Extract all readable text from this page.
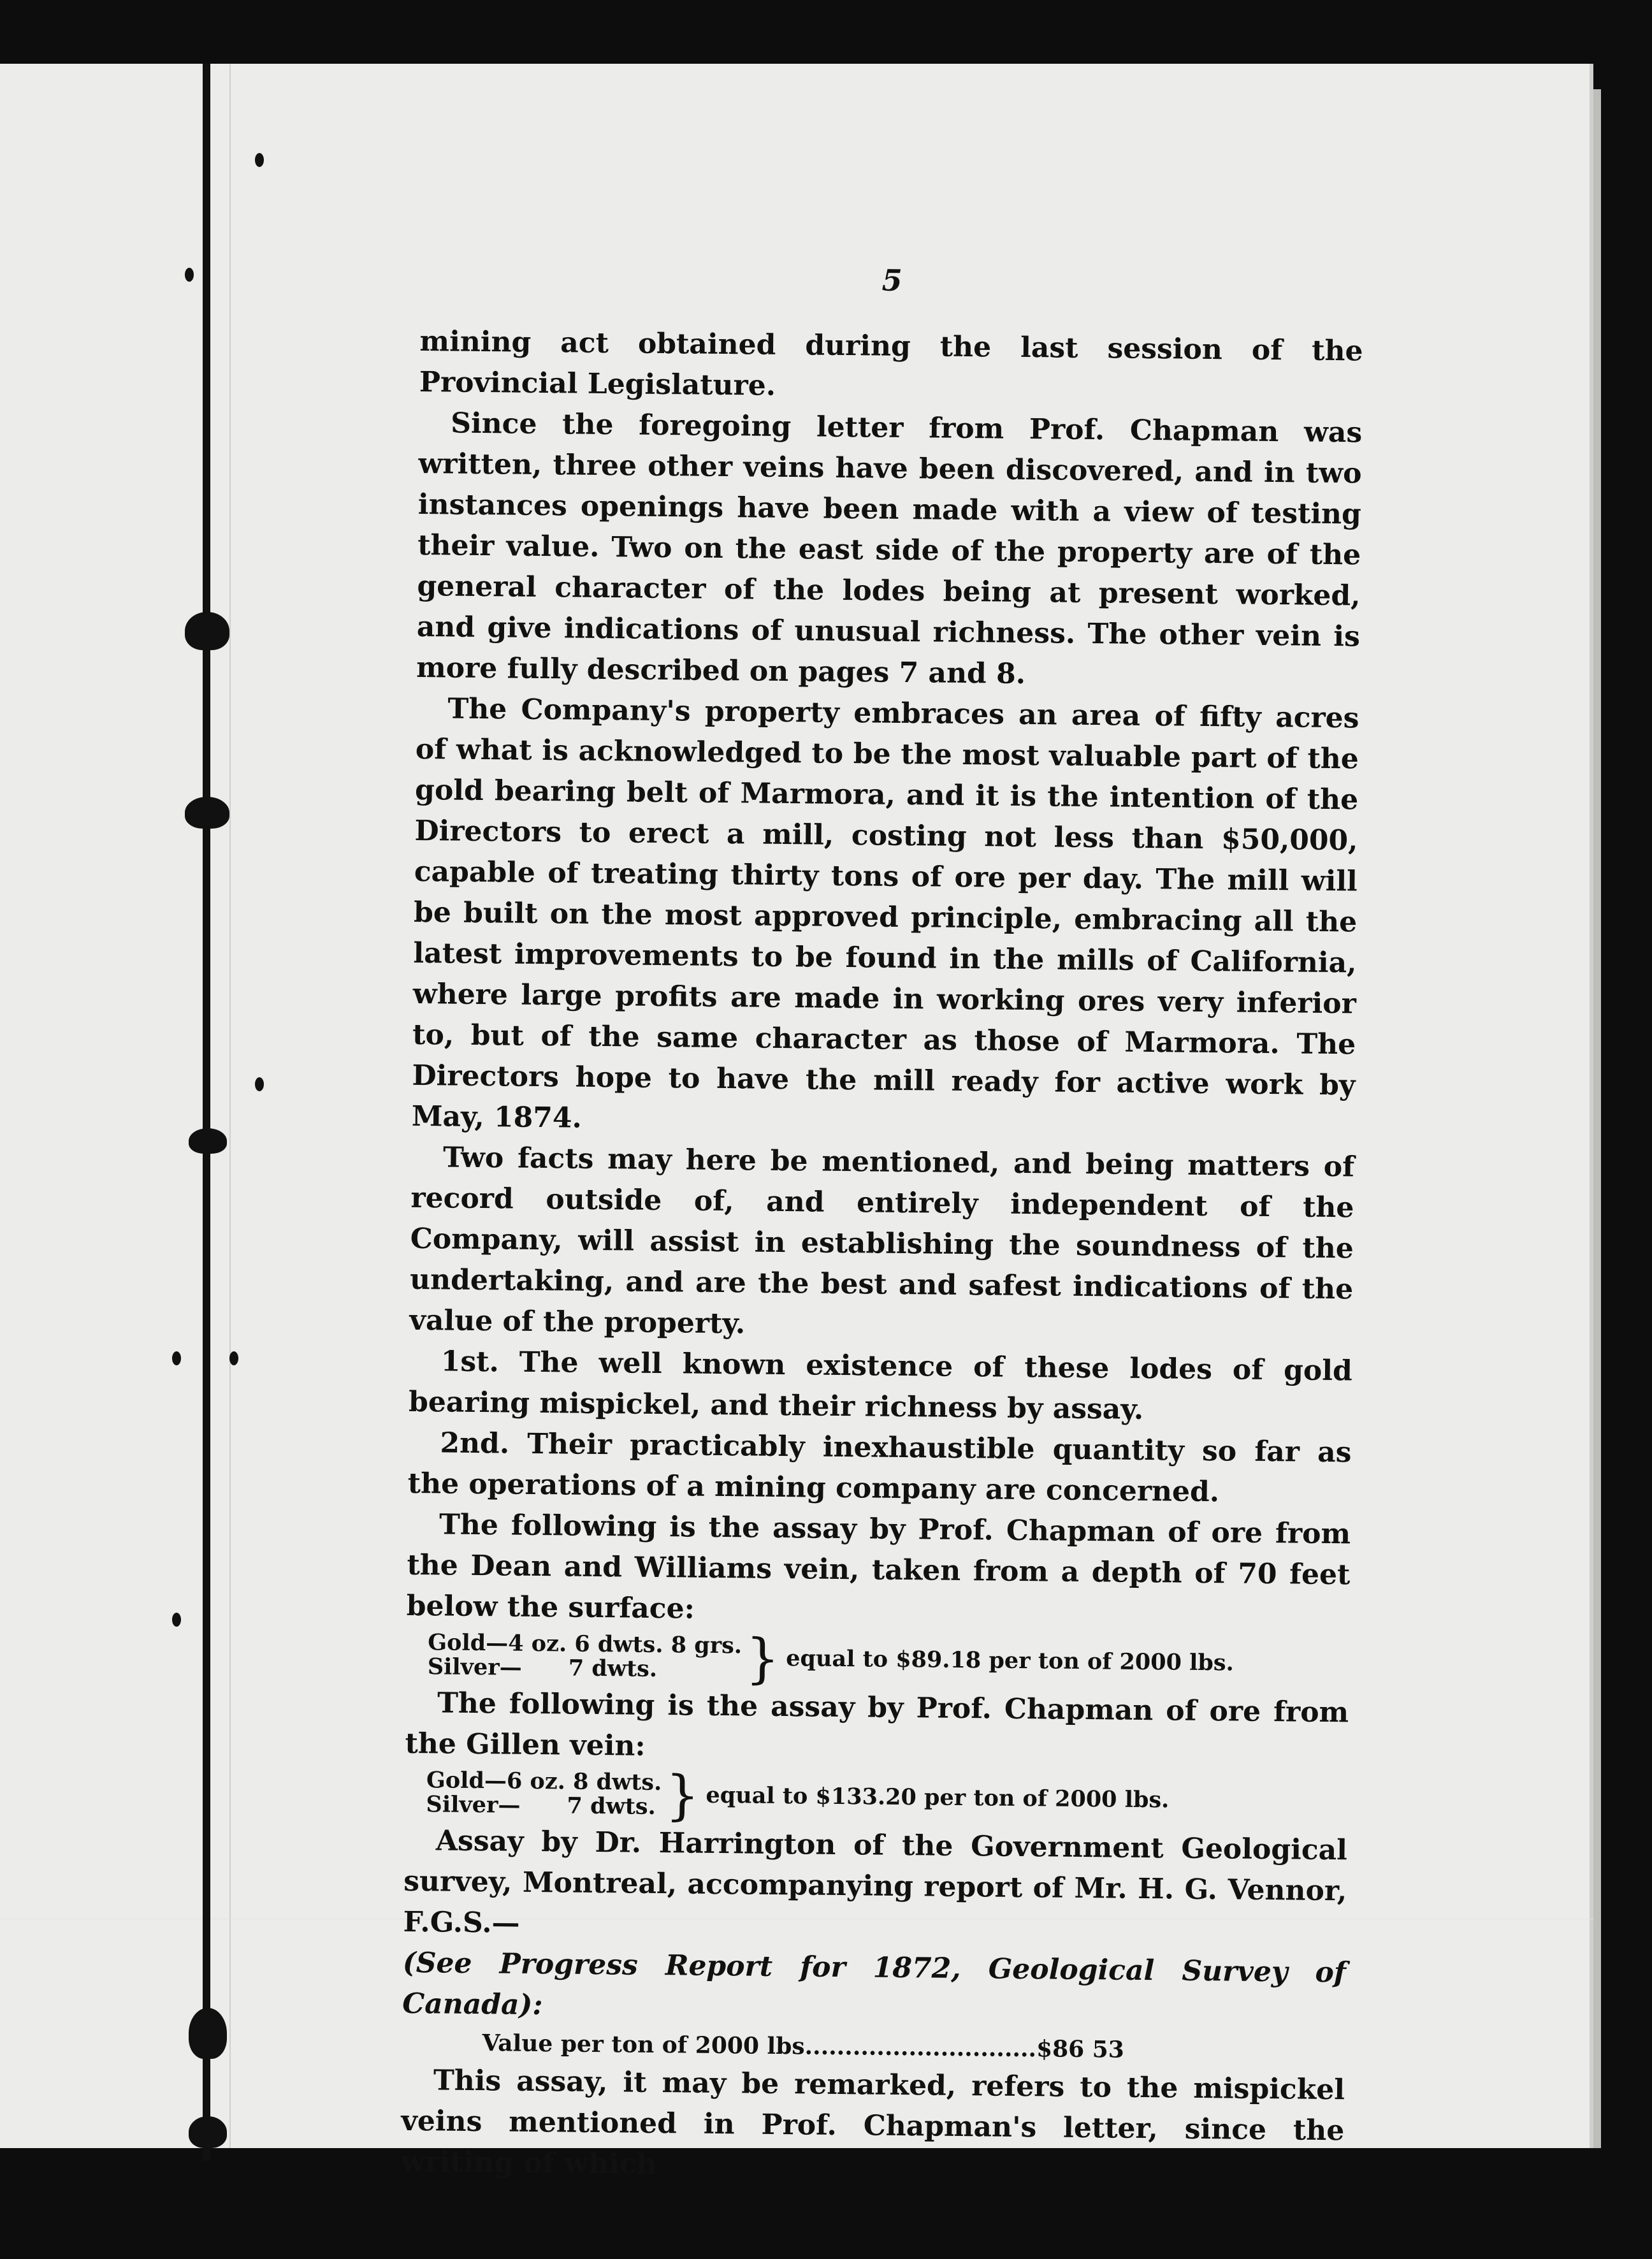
5

mining act obtained during the last session of the Provincial Legislature.

Since the foregoing letter from Prof. Chapman was written, three other veins have been discovered, and in two instances openings have been made with a view of testing their value. Two on the east side of the property are of the general character of the lodes being at present worked, and give indications of unusual richness. The other vein is more fully described on pages 7 and 8.

The Company's property embraces an area of fifty acres of what is acknowledged to be the most valuable part of the gold bearing belt of Marmora, and it is the intention of the Directors to erect a mill, costing not less than $50,000, capable of treating thirty tons of ore per day. The mill will be built on the most approved principle, embracing all the latest improvements to be found in the mills of California, where large profits are made in working ores very inferior to, but of the same character as those of Marmora. The Directors hope to have the mill ready for active work by May, 1874.

Two facts may here be mentioned, and being matters of record outside of, and entirely independent of the Company, will assist in establishing the soundness of the undertaking, and are the best and safest indications of the value of the property.

1st. The well known existence of these lodes of gold bearing mispickel, and their richness by assay.

2nd. Their practicably inexhaustible quantity so far as the operations of a mining company are concerned.

The following is the assay by Prof. Chapman of ore from the Dean and Williams vein, taken from a depth of 70 feet below the surface:

Gold—4 oz. 6 dwts. 8 grs.
Silver—      7 dwts.	} equal to $89.18 per ton of 2000 lbs.

The following is the assay by Prof. Chapman of ore from the Gillen vein:

Gold—6 oz. 8 dwts.
Silver—      7 dwts. } equal to $133.20 per ton of 2000 lbs.

Assay by Dr. Harrington of the Government Geological survey, Montreal, accompanying report of Mr. H. G. Vennor, F.G.S.—

(See Progress Report for 1872, Geological Survey of Canada):

Value per ton of 2000 lbs.............................$86 53

This assay, it may be remarked, refers to the mispickel veins mentioned in Prof. Chapman's letter, since the writing of which
